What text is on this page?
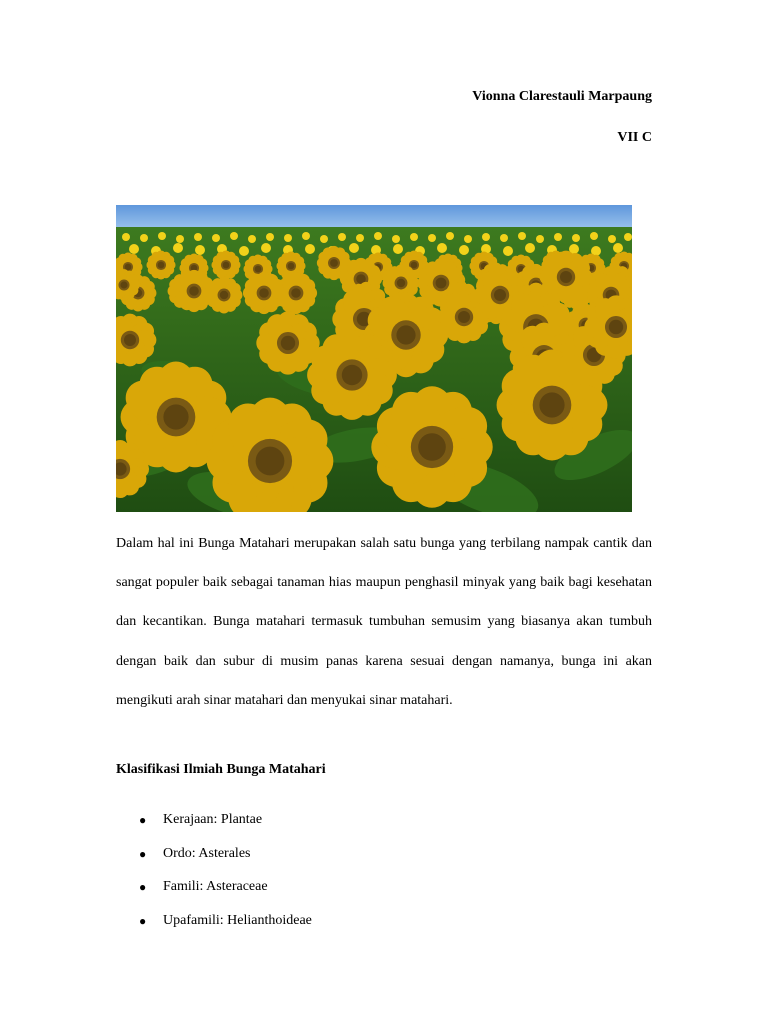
Vionna Clarestauli Marpaung
VII C

Dalam hal ini Bunga Matahari merupakan salah satu bunga yang terbilang nampak cantik dan sangat populer baik sebagai tanaman hias maupun penghasil minyak yang baik bagi kesehatan dan kecantikan. Bunga matahari termasuk tumbuhan semusim yang biasanya akan tumbuh dengan baik dan subur di musim panas karena sesuai dengan namanya, bunga ini akan mengikuti arah sinar matahari dan menyukai sinar matahari.

Klasifikasi Ilmiah Bunga Matahari

● Kerajaan: Plantae
● Ordo: Asterales
● Famili: Asteraceae
● Upafamili: Helianthoideae
